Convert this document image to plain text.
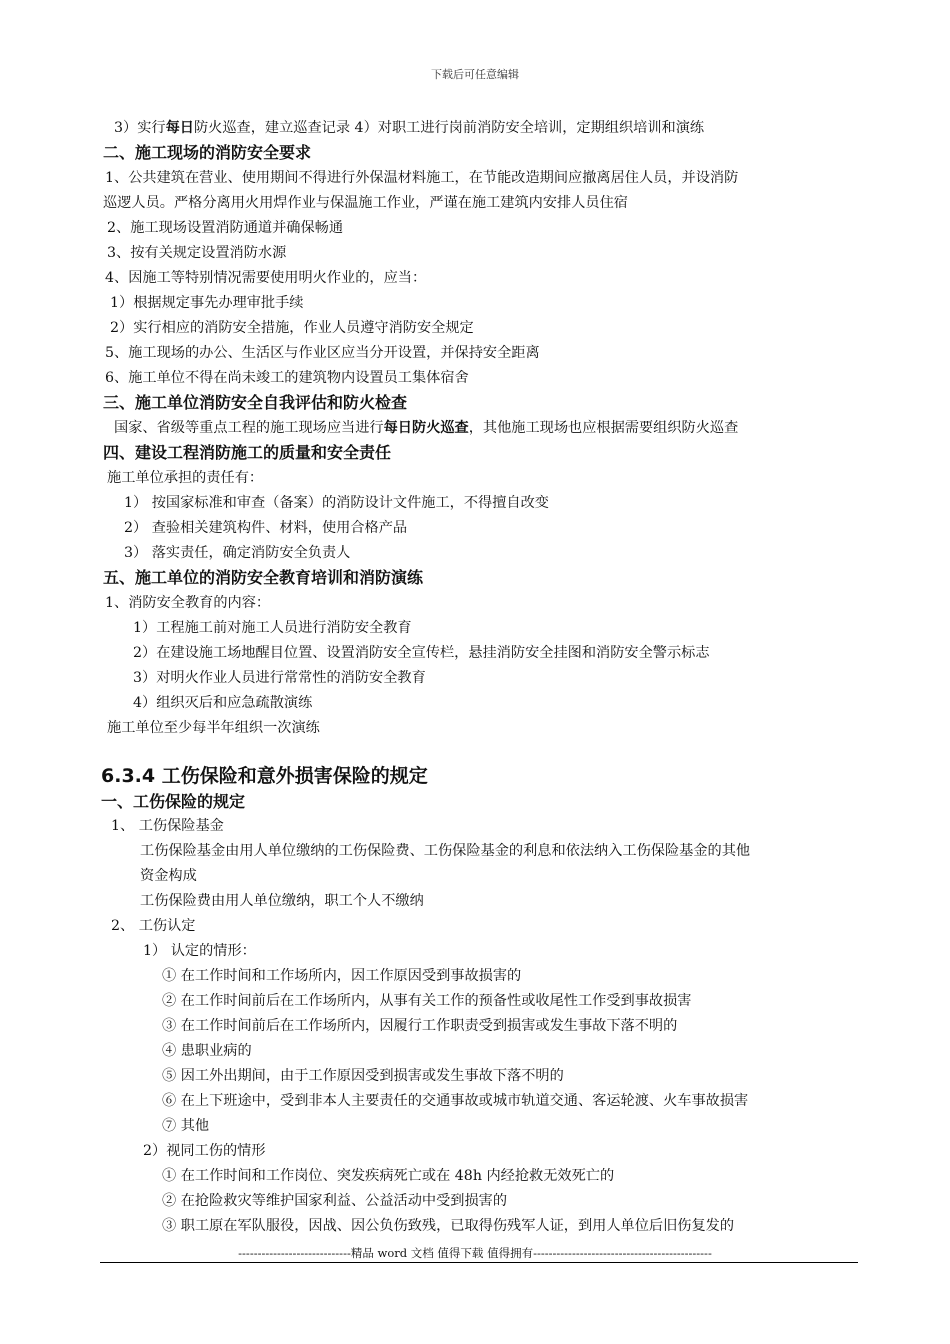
下载后可任意编辑
3）实行每日防火巡查，建立巡查记录 4）对职工进行岗前消防安全培训，定期组织培训和演练
二、施工现场的消防安全要求
1、公共建筑在营业、使用期间不得进行外保温材料施工，在节能改造期间应撤离居住人员，并设消防
巡逻人员。严格分离用火用焊作业与保温施工作业，严谨在施工建筑内安排人员住宿
2、施工现场设置消防通道并确保畅通
3、按有关规定设置消防水源
4、因施工等特别情况需要使用明火作业的，应当：
1）根据规定事先办理审批手续
2）实行相应的消防安全措施，作业人员遵守消防安全规定
5、施工现场的办公、生活区与作业区应当分开设置，并保持安全距离
6、施工单位不得在尚未竣工的建筑物内设置员工集体宿舍
三、施工单位消防安全自我评估和防火检查
国家、省级等重点工程的施工现场应当进行每日防火巡查，其他施工现场也应根据需要组织防火巡查
四、建设工程消防施工的质量和安全责任
施工单位承担的责任有：
1） 按国家标准和审查（备案）的消防设计文件施工，不得擅自改变
2） 查验相关建筑构件、材料，使用合格产品
3） 落实责任，确定消防安全负责人
五、施工单位的消防安全教育培训和消防演练
1、消防安全教育的内容：
1）工程施工前对施工人员进行消防安全教育
2）在建设施工场地醒目位置、设置消防安全宣传栏，悬挂消防安全挂图和消防安全警示标志
3）对明火作业人员进行常常性的消防安全教育
4）组织灭后和应急疏散演练
施工单位至少每半年组织一次演练
6.3.4 工伤保险和意外损害保险的规定
一、工伤保险的规定
1、 工伤保险基金
工伤保险基金由用人单位缴纳的工伤保险费、工伤保险基金的利息和依法纳入工伤保险基金的其他
资金构成
工伤保险费由用人单位缴纳，职工个人不缴纳
2、 工伤认定
1） 认定的情形：
① 在工作时间和工作场所内，因工作原因受到事故损害的
② 在工作时间前后在工作场所内，从事有关工作的预备性或收尾性工作受到事故损害
③ 在工作时间前后在工作场所内，因履行工作职责受到损害或发生事故下落不明的
④ 患职业病的
⑤ 因工外出期间，由于工作原因受到损害或发生事故下落不明的
⑥ 在上下班途中，受到非本人主要责任的交通事故或城市轨道交通、客运轮渡、火车事故损害
⑦ 其他
2）视同工伤的情形
① 在工作时间和工作岗位、突发疾病死亡或在 48h 内经抢救无效死亡的
② 在抢险救灾等维护国家利益、公益活动中受到损害的
③ 职工原在军队服役，因战、因公负伤致残，已取得伤残军人证，到用人单位后旧伤复发的
-----------------------------精品 word 文档 值得下载 值得拥有----------------------------------------------
